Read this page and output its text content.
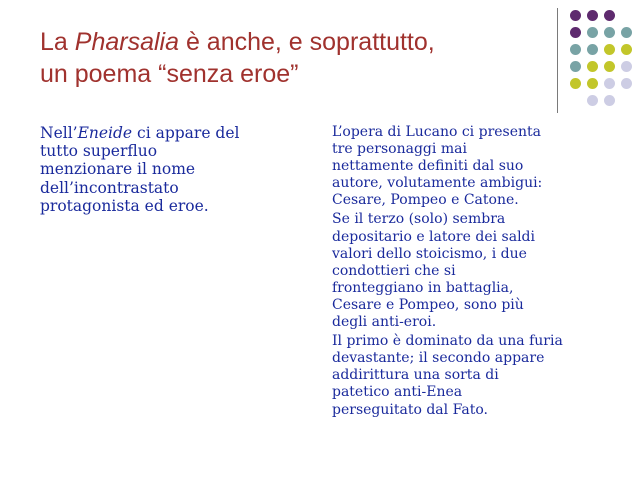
La Pharsalia è anche, e soprattutto,
un poema “senza eroe”

Nell’Eneide ci appare del
tutto superfluo
menzionare il nome
dell’incontrastato
protagonista ed eroe.

L’opera di Lucano ci presenta
tre personaggi mai
nettamente definiti dal suo
autore, volutamente ambigui:
Cesare, Pompeo e Catone.

Se il terzo (solo) sembra
depositario e latore dei saldi
valori dello stoicismo, i due
condottieri che si
fronteggiano in battaglia,
Cesare e Pompeo, sono più
degli anti-eroi.

Il primo è dominato da una furia
devastante; il secondo appare
addirittura una sorta di
patetico anti-Enea
perseguitato dal Fato.
